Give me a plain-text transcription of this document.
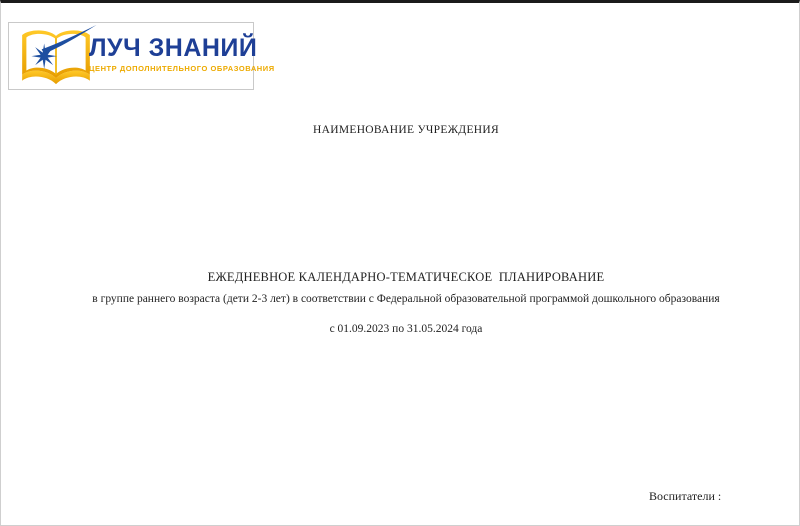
ЛУЧ ЗНАНИЙ
ЦЕНТР ДОПОЛНИТЕЛЬНОГО ОБРАЗОВАНИЯ
НАИМЕНОВАНИЕ УЧРЕЖДЕНИЯ
ЕЖЕДНЕВНОЕ КАЛЕНДАРНО-ТЕМАТИЧЕСКОЕ  ПЛАНИРОВАНИЕ
в группе раннего возраста (дети 2-3 лет) в соответствии с Федеральной образовательной программой дошкольного образования
с 01.09.2023 по 31.05.2024 года
Воспитатели :
